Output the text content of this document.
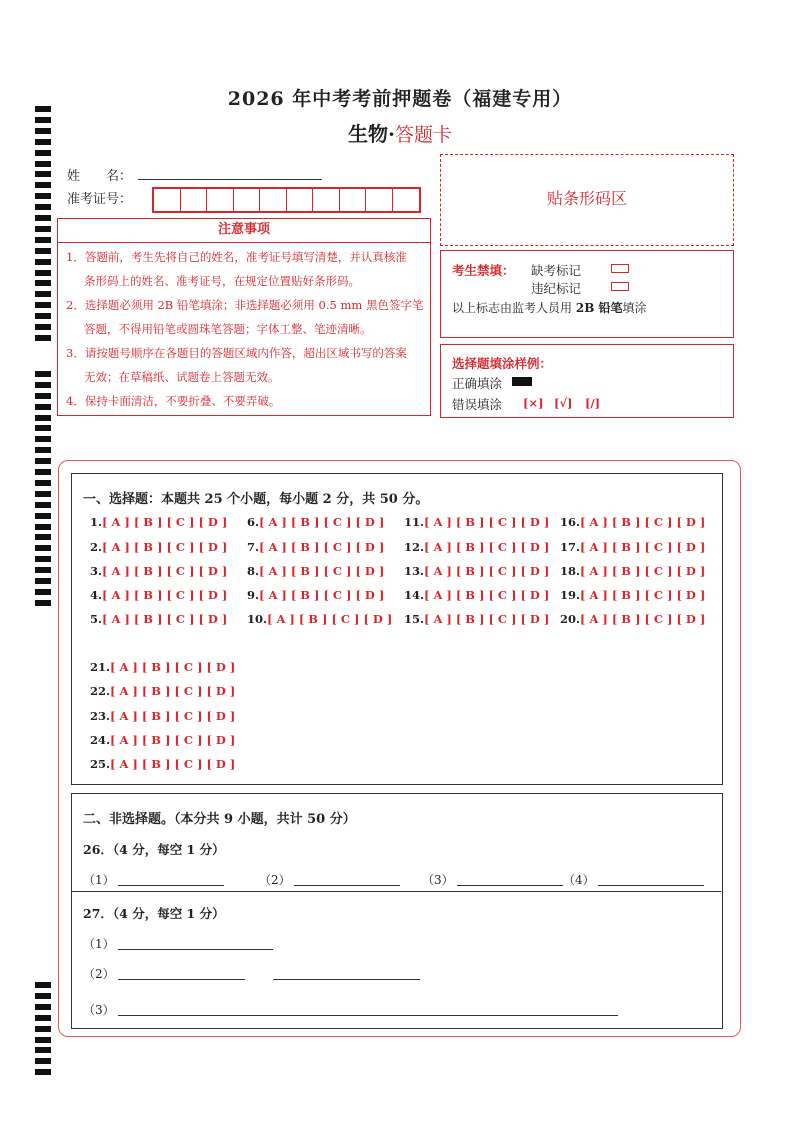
2026 年中考考前押题卷（福建专用）
生物·答题卡
姓　　名：
准考证号：	贴条形码区
注意事项
1．答题前，考生先将自己的姓名，准考证号填写清楚，并认真核准
条形码上的姓名、准考证号，在规定位置贴好条形码。
2．选择题必须用 2B 铅笔填涂；非选择题必须用 0.5 mm 黑色签字笔
答题，不得用铅笔或圆珠笔答题；字体工整、笔迹清晰。
3．请按题号顺序在各题目的答题区域内作答，超出区域书写的答案
无效；在草稿纸、试题卷上答题无效。
4．保持卡面清洁，不要折叠、不要弄破。
考生禁填： 缺考标记
违纪标记
以上标志由监考人员用 2B 铅笔填涂
选择题填涂样例：
正确填涂
错误填涂 [×] [√] [/]
一、选择题：本题共 25 个小题，每小题 2 分，共 50 分。
1.[ A ] [ B ] [ C ] [ D ]
2.[ A ] [ B ] [ C ] [ D ]
3.[ A ] [ B ] [ C ] [ D ]
4.[ A ] [ B ] [ C ] [ D ]
5.[ A ] [ B ] [ C ] [ D ]
6.[ A ] [ B ] [ C ] [ D ]
7.[ A ] [ B ] [ C ] [ D ]
8.[ A ] [ B ] [ C ] [ D ]
9.[ A ] [ B ] [ C ] [ D ]
10.[ A ] [ B ] [ C ] [ D ]
11.[ A ] [ B ] [ C ] [ D ]
12.[ A ] [ B ] [ C ] [ D ]
13.[ A ] [ B ] [ C ] [ D ]
14.[ A ] [ B ] [ C ] [ D ]
15.[ A ] [ B ] [ C ] [ D ]
16.[ A ] [ B ] [ C ] [ D ]
17.[ A ] [ B ] [ C ] [ D ]
18.[ A ] [ B ] [ C ] [ D ]
19.[ A ] [ B ] [ C ] [ D ]
20.[ A ] [ B ] [ C ] [ D ]
21.[ A ] [ B ] [ C ] [ D ]
22.[ A ] [ B ] [ C ] [ D ]
23.[ A ] [ B ] [ C ] [ D ]
24.[ A ] [ B ] [ C ] [ D ]
25.[ A ] [ B ] [ C ] [ D ]
二、非选择题。（本分共 9 小题，共计 50 分）
26．（4 分，每空 1 分）
（1）	（2）	（3）	（4）
27．（4 分，每空 1 分）
（1）
（2）
（3）
